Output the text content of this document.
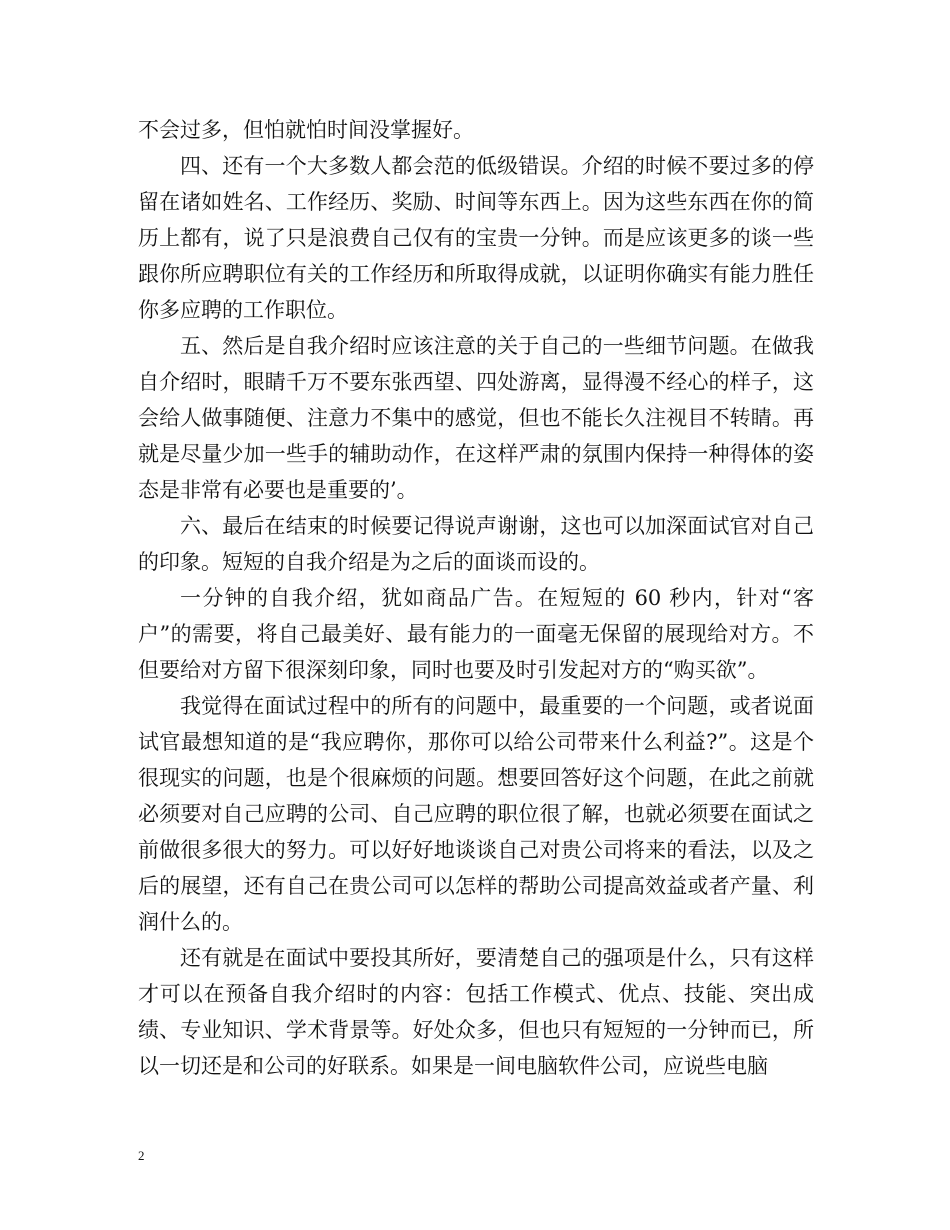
不会过多，但怕就怕时间没掌握好。

四、还有一个大多数人都会范的低级错误。介绍的时候不要过多的停留在诸如姓名、工作经历、奖励、时间等东西上。因为这些东西在你的简历上都有，说了只是浪费自己仅有的宝贵一分钟。而是应该更多的谈一些跟你所应聘职位有关的工作经历和所取得成就，以证明你确实有能力胜任你多应聘的工作职位。

五、然后是自我介绍时应该注意的关于自己的一些细节问题。在做我自介绍时，眼睛千万不要东张西望、四处游离，显得漫不经心的样子，这会给人做事随便、注意力不集中的感觉，但也不能长久注视目不转睛。再就是尽量少加一些手的辅助动作，在这样严肃的氛围内保持一种得体的姿态是非常有必要也是重要的’。

六、最后在结束的时候要记得说声谢谢，这也可以加深面试官对自己的印象。短短的自我介绍是为之后的面谈而设的。

一分钟的自我介绍，犹如商品广告。在短短的 60 秒内，针对“客户”的需要，将自己最美好、最有能力的一面毫无保留的展现给对方。不但要给对方留下很深刻印象，同时也要及时引发起对方的“购买欲”。

我觉得在面试过程中的所有的问题中，最重要的一个问题，或者说面试官最想知道的是“我应聘你，那你可以给公司带来什么利益?”。这是个很现实的问题，也是个很麻烦的问题。想要回答好这个问题，在此之前就必须要对自己应聘的公司、自己应聘的职位很了解，也就必须要在面试之前做很多很大的努力。可以好好地谈谈自己对贵公司将来的看法，以及之后的展望，还有自己在贵公司可以怎样的帮助公司提高效益或者产量、利润什么的。

还有就是在面试中要投其所好，要清楚自己的强项是什么，只有这样才可以在预备自我介绍时的内容：包括工作模式、优点、技能、突出成绩、专业知识、学术背景等。好处众多，但也只有短短的一分钟而已，所以一切还是和公司的好联系。如果是一间电脑软件公司，应说些电脑

2
